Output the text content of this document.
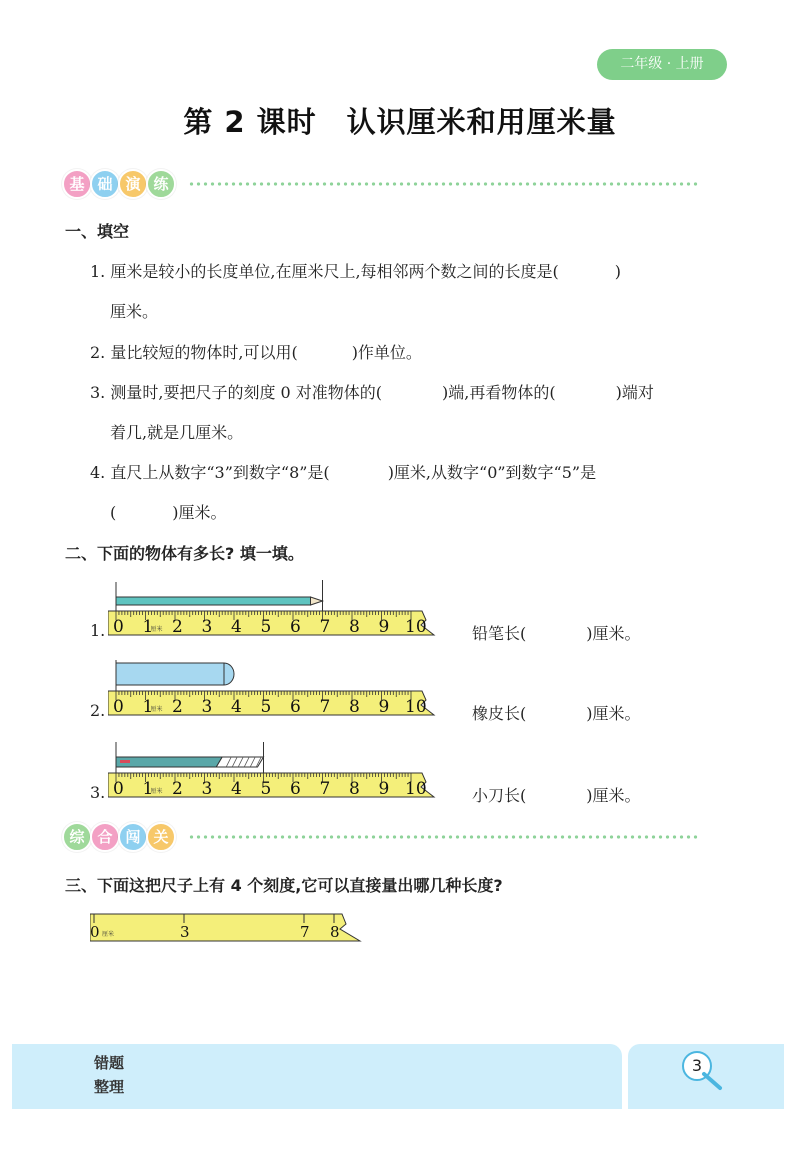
二年级 · 上册
第 2 课时　认识厘米和用厘米量
基 础 演 练
一、填空
1. 厘米是较小的长度单位,在厘米尺上,每相邻两个数之间的长度是(	)
厘米。
2. 量比较短的物体时,可以用(	)作单位。
3. 测量时,要把尺子的刻度 0 对准物体的(	)端,再看物体的(	)端对
着几,就是几厘米。
4. 直尺上从数字“3”到数字“8”是(	)厘米,从数字“0”到数字“5”是
(	)厘米。
二、下面的物体有多长? 填一填。
1. 0 1 2 3 4 5 6 7 8 9 10
厘米	铅笔长(	)厘米。
2. 0 1 2 3 4 5 6 7 8 9 10
厘米	橡皮长(	)厘米。
3. 0 1 2 3 4 5 6 7 8 9 10
厘米	小刀长(	)厘米。
综 合 闯 关
三、下面这把尺子上有 4 个刻度,它可以直接量出哪几种长度?
0	3	7 8
厘米
错题
整理
3
